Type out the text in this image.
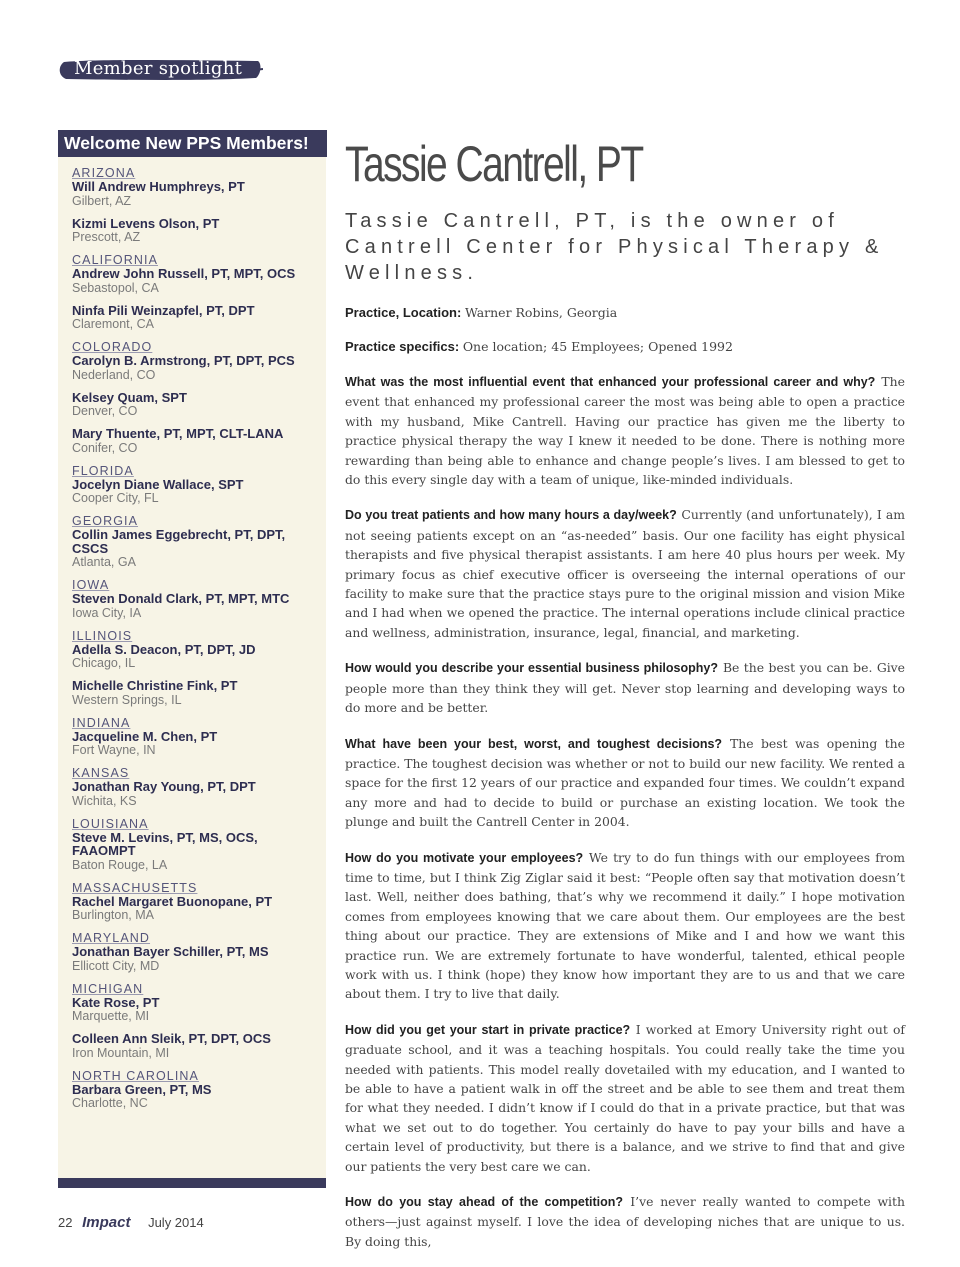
Member spotlight
Welcome New PPS Members!
ARIZONA
Will Andrew Humphreys, PT
Gilbert, AZ
Kizmi Levens Olson, PT
Prescott, AZ
CALIFORNIA
Andrew John Russell, PT, MPT, OCS
Sebastopol, CA
Ninfa Pili Weinzapfel, PT, DPT
Claremont, CA
COLORADO
Carolyn B. Armstrong, PT, DPT, PCS
Nederland, CO
Kelsey Quam, SPT
Denver, CO
Mary Thuente, PT, MPT, CLT-LANA
Conifer, CO
FLORIDA
Jocelyn Diane Wallace, SPT
Cooper City, FL
GEORGIA
Collin James Eggebrecht, PT, DPT, CSCS
Atlanta, GA
IOWA
Steven Donald Clark, PT, MPT, MTC
Iowa City, IA
ILLINOIS
Adella S. Deacon, PT, DPT, JD
Chicago, IL
Michelle Christine Fink, PT
Western Springs, IL
INDIANA
Jacqueline M. Chen, PT
Fort Wayne, IN
KANSAS
Jonathan Ray Young, PT, DPT
Wichita, KS
LOUISIANA
Steve M. Levins, PT, MS, OCS, FAAOMPT
Baton Rouge, LA
MASSACHUSETTS
Rachel Margaret Buonopane, PT
Burlington, MA
MARYLAND
Jonathan Bayer Schiller, PT, MS
Ellicott City, MD
MICHIGAN
Kate Rose, PT
Marquette, MI
Colleen Ann Sleik, PT, DPT, OCS
Iron Mountain, MI
NORTH CAROLINA
Barbara Green, PT, MS
Charlotte, NC
Tassie Cantrell, PT
Tassie Cantrell, PT, is the owner of Cantrell Center for Physical Therapy & Wellness.
Practice, Location: Warner Robins, Georgia
Practice specifics: One location; 45 Employees; Opened 1992

What was the most influential event that enhanced your professional career and why? The event that enhanced my professional career the most was being able to open a practice with my husband, Mike Cantrell. Having our practice has given me the liberty to practice physical therapy the way I knew it needed to be done. There is nothing more rewarding than being able to enhance and change people’s lives. I am blessed to get to do this every single day with a team of unique, like-minded individuals.

Do you treat patients and how many hours a day/week? Currently (and unfortunately), I am not seeing patients except on an “as-needed” basis. Our one facility has eight physical therapists and five physical therapist assistants. I am here 40 plus hours per week. My primary focus as chief executive officer is overseeing the internal operations of our facility to make sure that the practice stays pure to the original mission and vision Mike and I had when we opened the practice. The internal operations include clinical practice and wellness, administration, insurance, legal, financial, and marketing.

How would you describe your essential business philosophy? Be the best you can be. Give people more than they think they will get. Never stop learning and developing ways to do more and be better.

What have been your best, worst, and toughest decisions? The best was opening the practice. The toughest decision was whether or not to build our new facility. We rented a space for the first 12 years of our practice and expanded four times. We couldn’t expand any more and had to decide to build or purchase an existing location. We took the plunge and built the Cantrell Center in 2004.

How do you motivate your employees? We try to do fun things with our employees from time to time, but I think Zig Ziglar said it best: “People often say that motivation doesn’t last. Well, neither does bathing, that’s why we recommend it daily.” I hope motivation comes from employees knowing that we care about them. Our employees are the best thing about our practice. They are extensions of Mike and I and how we want this practice run. We are extremely fortunate to have wonderful, talented, ethical people work with us. I think (hope) they know how important they are to us and that we care about them. I try to live that daily.

How did you get your start in private practice? I worked at Emory University right out of graduate school, and it was a teaching hospitals. You could really take the time you needed with patients. This model really dovetailed with my education, and I wanted to be able to have a patient walk in off the street and be able to see them and treat them for what they needed. I didn’t know if I could do that in a private practice, but that was what we set out to do together. You certainly do have to pay your bills and have a certain level of productivity, but there is a balance, and we strive to find that and give our patients the very best care we can.

How do you stay ahead of the competition? I’ve never really wanted to compete with others—just against myself. I love the idea of developing niches that are unique to us. By doing this,

22 Impact July 2014
